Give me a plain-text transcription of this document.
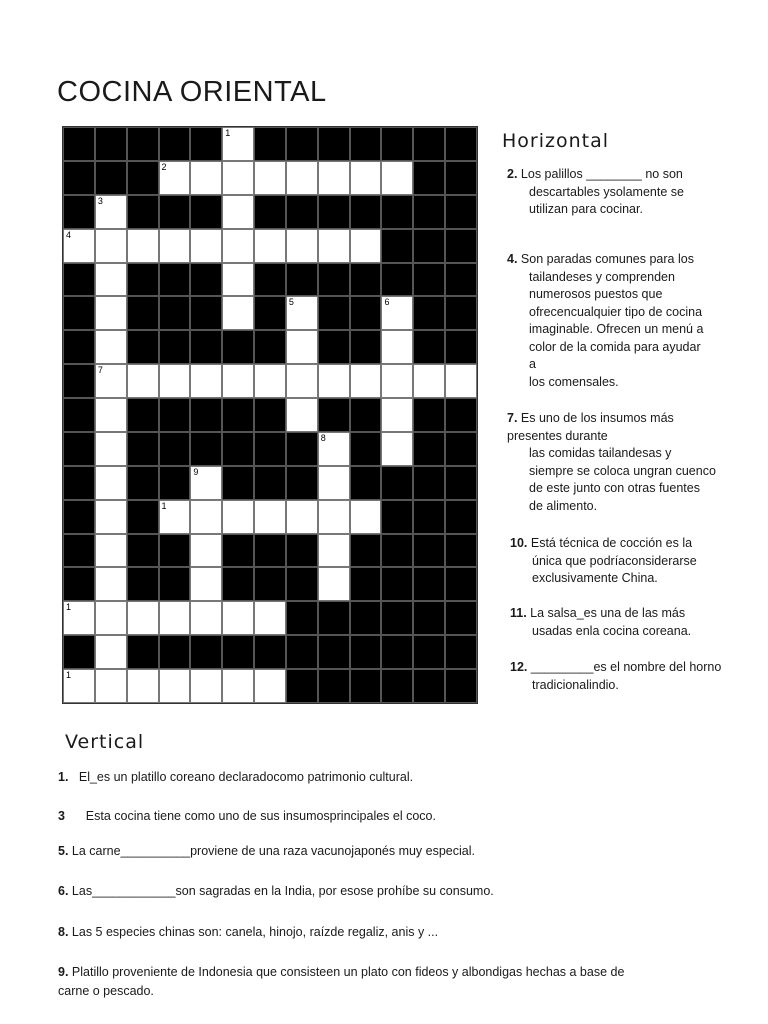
COCINA ORIENTAL
1
2
3
4
5	6
7
8
9
1
1
1
Horizontal
2. Los palillos ________ no son
descartables ysolamente se
utilizan para cocinar.
4. Son paradas comunes para los
tailandeses y comprenden
numerosos puestos que
ofrecencualquier tipo de cocina
imaginable. Ofrecen un menú a
color de la comida para ayudar
a
los comensales.
7. Es uno de los insumos más
presentes durante
las comidas tailandesas y
siempre se coloca ungran cuenco
de este junto con otras fuentes
de alimento.
10. Está técnica de cocción es la
única que podríaconsiderarse
exclusivamente China.
11. La salsa_es una de las más
usadas enla cocina coreana.
12. _________es el nombre del horno
tradicionalindio.
Vertical

1. El_es un platillo coreano declaradocomo patrimonio cultural.

3 Esta cocina tiene como uno de sus insumosprincipales el coco.

5. La carne__________proviene de una raza vacunojaponés muy especial.

6. Las____________son sagradas en la India, por esose prohíbe su consumo.

8. Las 5 especies chinas son: canela, hinojo, raízde regaliz, anis y ...

9. Platillo proveniente de Indonesia que consisteen un plato con fideos y albondigas hechas a base de
carne o pescado.
